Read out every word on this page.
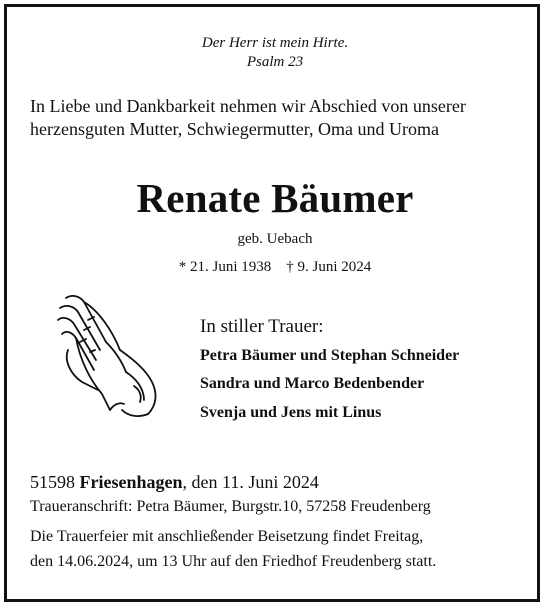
Der Herr ist mein Hirte.
Psalm 23
In Liebe und Dankbarkeit nehmen wir Abschied von unserer
herzensguten Mutter, Schwiegermutter, Oma und Uroma
Renate Bäumer
geb. Uebach
* 21. Juni 1938    † 9. Juni 2024
In stiller Trauer:
Petra Bäumer und Stephan Schneider
Sandra und Marco Bedenbender
Svenja und Jens mit Linus
51598 Friesenhagen, den 11. Juni 2024
Traueranschrift: Petra Bäumer, Burgstr.10, 57258 Freudenberg
Die Trauerfeier mit anschließender Beisetzung findet Freitag,
den 14.06.2024, um 13 Uhr auf den Friedhof Freudenberg statt.
